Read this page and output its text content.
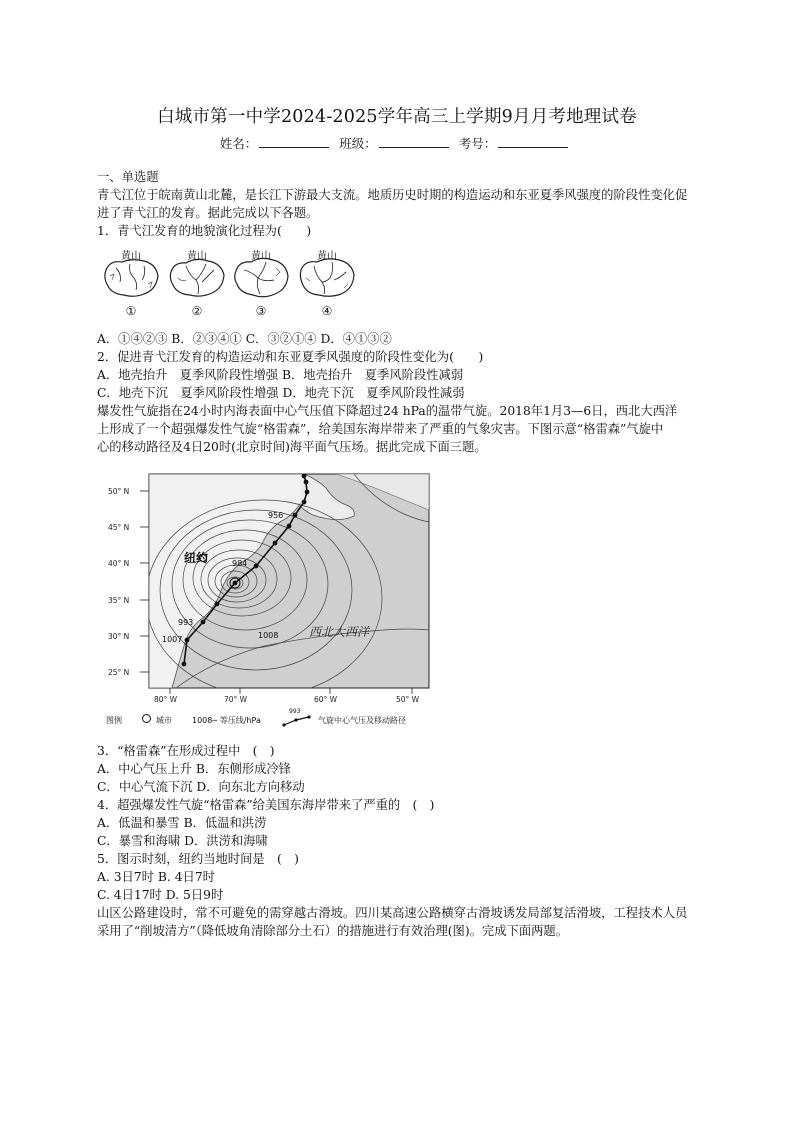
白城市第一中学2024-2025学年高三上学期9月月考地理试卷
姓名：	班级：	考号：
一、单选题
青弋江位于皖南黄山北麓，是长江下游最大支流。地质历史时期的构造运动和东亚夏季风强度的阶段性变化促
进了青弋江的发育。据此完成以下各题。
1．青弋江发育的地貌演化过程为(　　)
黄山
①
黄山
②
黄山
③
黄山
④
A．①④②③ B．②③④① C．③②①④ D．④①③②
2．促进青弋江发育的构造运动和东亚夏季风强度的阶段性变化为(　　)
A．地壳抬升　夏季风阶段性增强 B．地壳抬升　夏季风阶段性减弱
C．地壳下沉　夏季风阶段性增强 D．地壳下沉　夏季风阶段性减弱
爆发性气旋指在24小时内海表面中心气压值下降超过24 hPa的温带气旋。2018年1月3—6日，西北大西洋
上形成了一个超强爆发性气旋“格雷森”，给美国东海岸带来了严重的气象灾害。下图示意“格雷森”气旋中
心的移动路径及4日20时(北京时间)海平面气压场。据此完成下面三题。
50° N
45° N
40° N
35° N
30° N
25° N
80° W	70° W	60° W	50° W
纽约
956
984
993
1007	1008	西北大西洋
图例	城市	1008─ 等压线/hPa
993
气旋中心气压及移动路径
3．“格雷森”在形成过程中　(　)
A．中心气压上升 B．东侧形成冷锋
C．中心气流下沉 D．向东北方向移动
4．超强爆发性气旋“格雷森”给美国东海岸带来了严重的　(　)
A．低温和暴雪 B．低温和洪涝
C．暴雪和海啸 D．洪涝和海啸
5．图示时刻，纽约当地时间是　(　)
A. 3日7时 B. 4日7时
C. 4日17时 D. 5日9时
山区公路建设时，常不可避免的需穿越古滑坡。四川某高速公路横穿古滑坡诱发局部复活滑坡，工程技术人员
采用了“削坡清方”（降低坡角清除部分土石）的措施进行有效治理(图)。完成下面两题。
